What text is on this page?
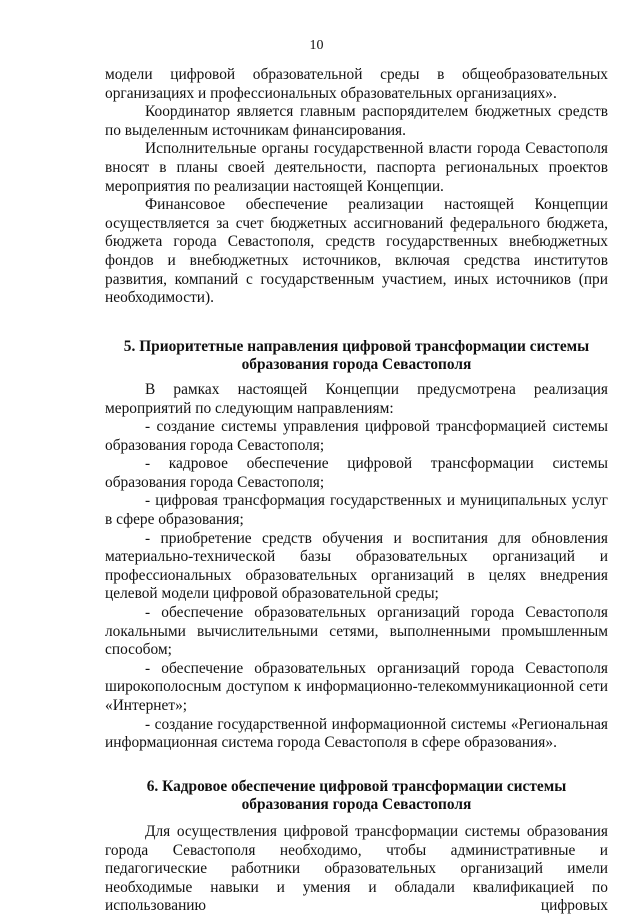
10

модели цифровой образовательной среды в общеобразовательных организациях и профессиональных образовательных организациях».

Координатор является главным распорядителем бюджетных средств по выделенным источникам финансирования.

Исполнительные органы государственной власти города Севастополя вносят в планы своей деятельности, паспорта региональных проектов мероприятия по реализации настоящей Концепции.

Финансовое обеспечение реализации настоящей Концепции осуществляется за счет бюджетных ассигнований федерального бюджета, бюджета города Севастополя, средств государственных внебюджетных фондов и внебюджетных источников, включая средства институтов развития, компаний с государственным участием, иных источников (при необходимости).

5. Приоритетные направления цифровой трансформации системы
образования города Севастополя

В рамках настоящей Концепции предусмотрена реализация мероприятий по следующим направлениям:

- создание системы управления цифровой трансформацией системы образования города Севастополя;

- кадровое обеспечение цифровой трансформации системы образования города Севастополя;

- цифровая трансформация государственных и муниципальных услуг в сфере образования;

- приобретение средств обучения и воспитания для обновления материально-технической базы образовательных организаций и профессиональных образовательных организаций в целях внедрения целевой модели цифровой образовательной среды;

- обеспечение образовательных организаций города Севастополя локальными вычислительными сетями, выполненными промышленным способом;

- обеспечение образовательных организаций города Севастополя широкополосным доступом к информационно-телекоммуникационной сети «Интернет»;

- создание государственной информационной системы «Региональная информационная система города Севастополя в сфере образования».

6. Кадровое обеспечение цифровой трансформации системы
образования города Севастополя

Для осуществления цифровой трансформации системы образования города Севастополя необходимо, чтобы административные и педагогические работники образовательных организаций имели необходимые навыки и умения и обладали квалификацией по использованию цифровых
